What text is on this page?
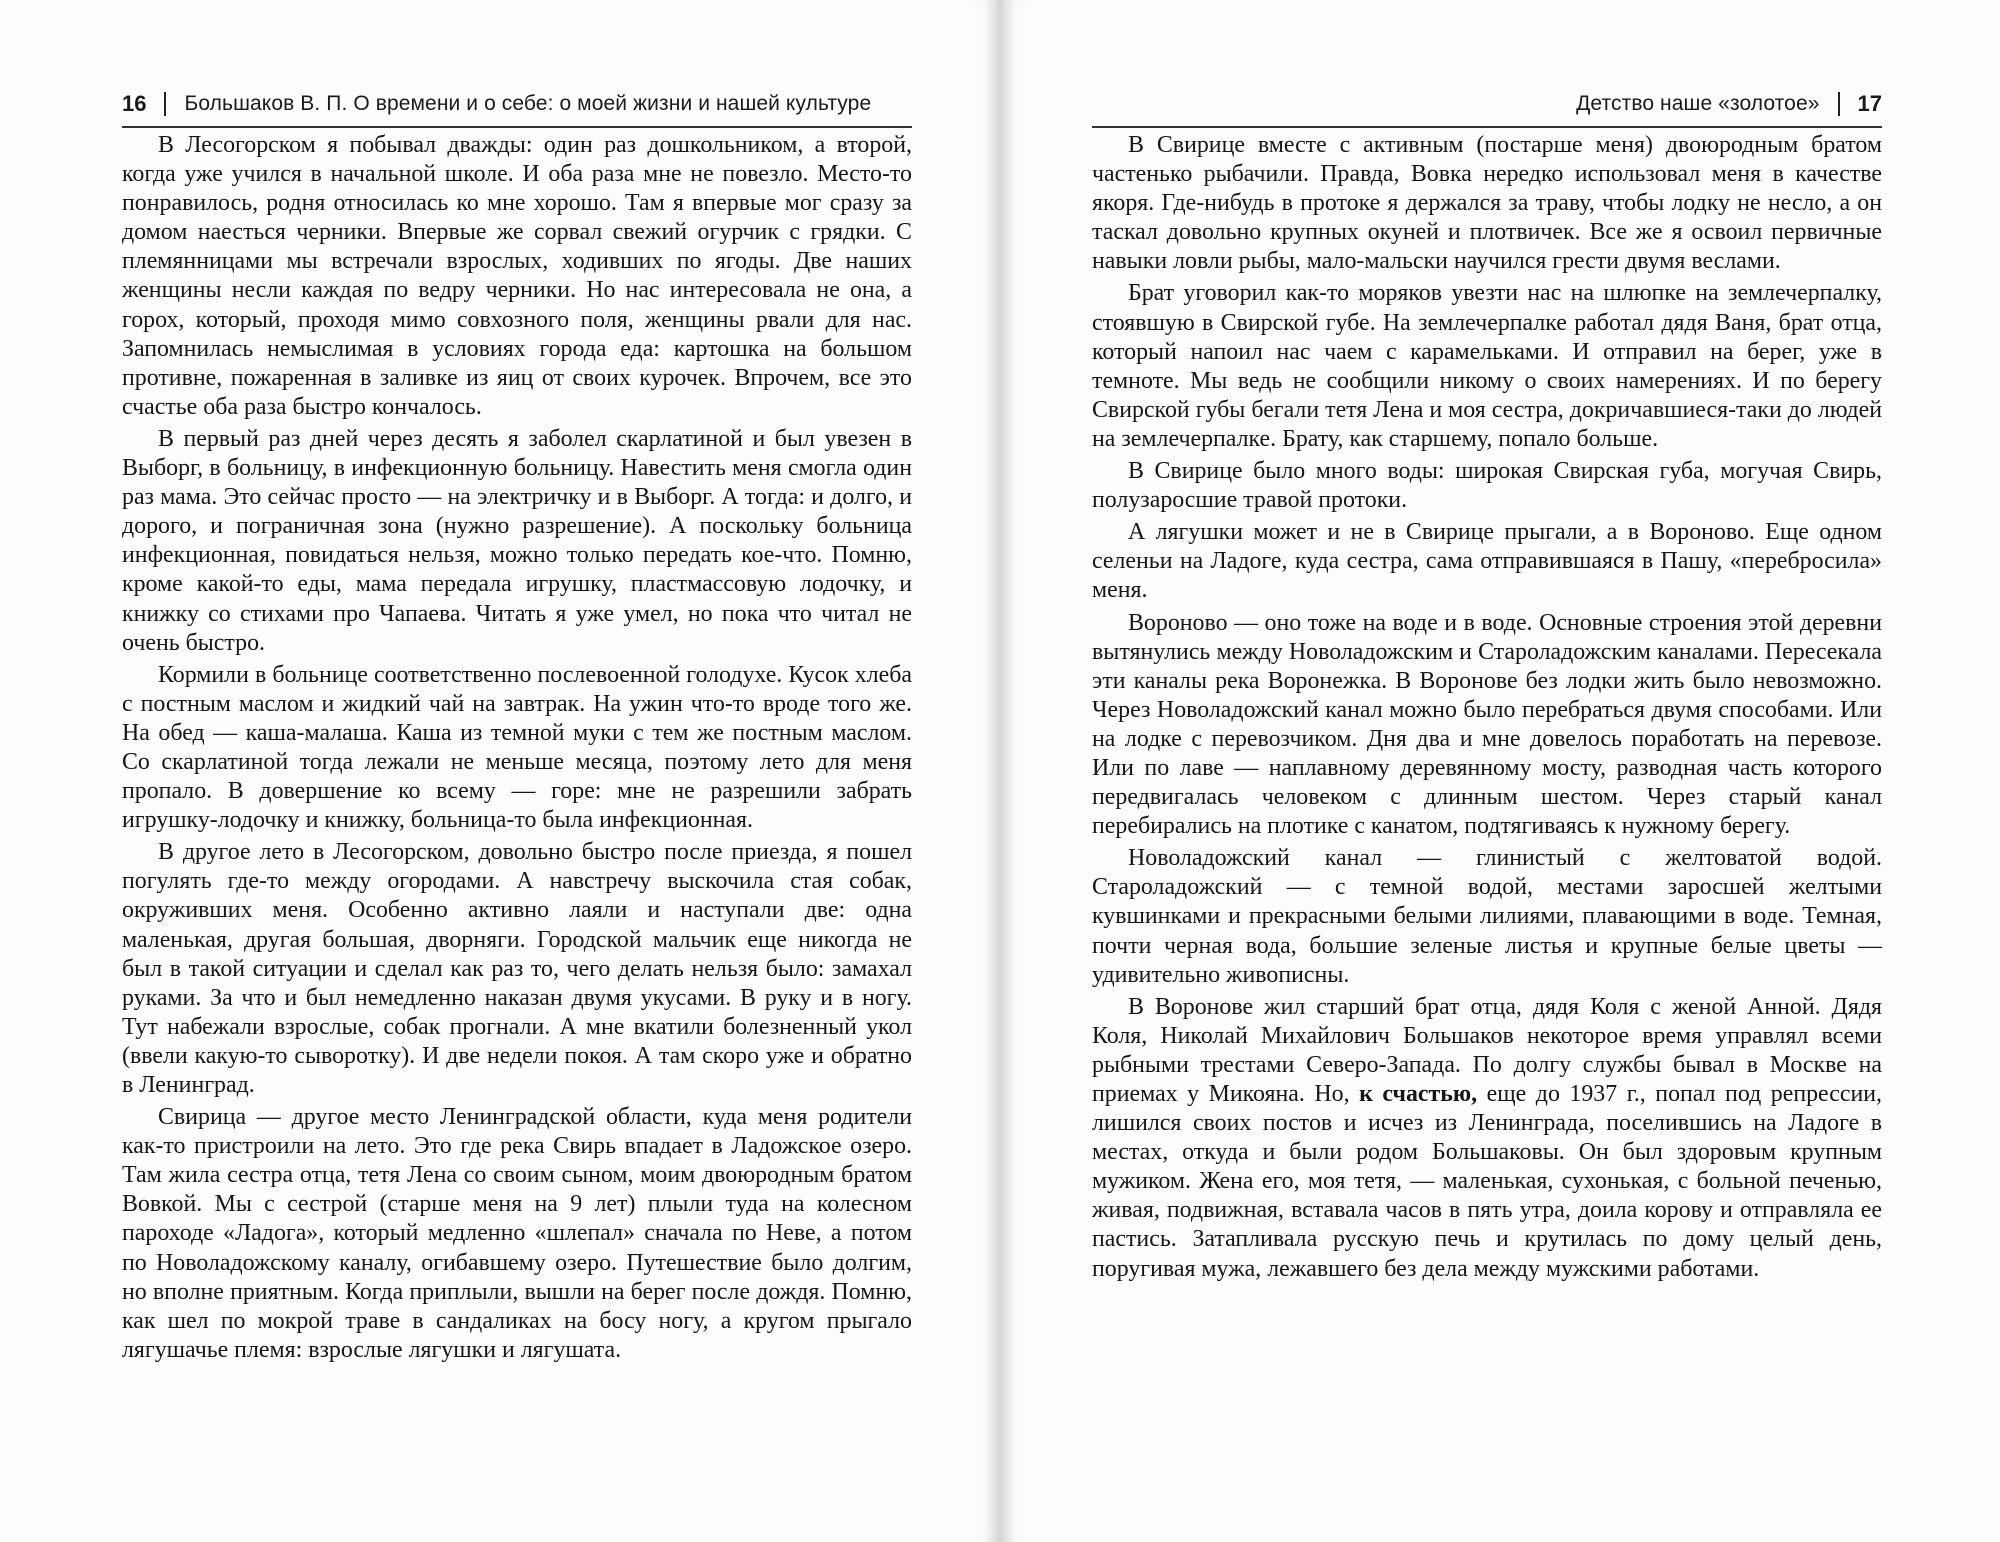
16 Большаков В. П. О времени и о себе: о моей жизни и нашей культуре

В Лесогорском я побывал дважды: один раз дошкольником, а второй, когда уже учился в начальной школе. И оба раза мне не повезло. Место-то понравилось, родня относилась ко мне хорошо. Там я впервые мог сразу за домом наесться черники. Впервые же сорвал свежий огурчик с грядки. С племянницами мы встречали взрослых, ходивших по ягоды. Две наших женщины несли каждая по ведру черники. Но нас интересовала не она, а горох, который, проходя мимо совхозного поля, женщины рвали для нас. Запомнилась немыслимая в условиях города еда: картошка на большом противне, пожаренная в заливке из яиц от своих курочек. Впрочем, все это счастье оба раза быстро кончалось.

В первый раз дней через десять я заболел скарлатиной и был увезен в Выборг, в больницу, в инфекционную больницу. Навестить меня смогла один раз мама. Это сейчас просто — на электричку и в Выборг. А тогда: и долго, и дорого, и пограничная зона (нужно разрешение). А поскольку больница инфекционная, повидаться нельзя, можно только передать кое-что. Помню, кроме какой-то еды, мама передала игрушку, пластмассовую лодочку, и книжку со стихами про Чапаева. Читать я уже умел, но пока что читал не очень быстро.

Кормили в больнице соответственно послевоенной голодухе. Кусок хлеба с постным маслом и жидкий чай на завтрак. На ужин что-то вроде того же. На обед — каша-малаша. Каша из темной муки с тем же постным маслом. Со скарлатиной тогда лежали не меньше месяца, поэтому лето для меня пропало. В довершение ко всему — горе: мне не разрешили забрать игрушку-лодочку и книжку, больница-то была инфекционная.

В другое лето в Лесогорском, довольно быстро после приезда, я пошел погулять где-то между огородами. А навстречу выскочила стая собак, окруживших меня. Особенно активно лаяли и наступали две: одна маленькая, другая большая, дворняги. Городской мальчик еще никогда не был в такой ситуации и сделал как раз то, чего делать нельзя было: замахал руками. За что и был немедленно наказан двумя укусами. В руку и в ногу. Тут набежали взрослые, собак прогнали. А мне вкатили болезненный укол (ввели какую-то сыворотку). И две недели покоя. А там скоро уже и обратно в Ленинград.

Свирица — другое место Ленинградской области, куда меня родители как-то пристроили на лето. Это где река Свирь впадает в Ладожское озеро. Там жила сестра отца, тетя Лена со своим сыном, моим двоюродным братом Вовкой. Мы с сестрой (старше меня на 9 лет) плыли туда на колесном пароходе «Ладога», который медленно «шлепал» сначала по Неве, а потом по Новоладожскому каналу, огибавшему озеро. Путешествие было долгим, но вполне приятным. Когда приплыли, вышли на берег после дождя. Помню, как шел по мокрой траве в сандаликах на босу ногу, а кругом прыгало лягушачье племя: взрослые лягушки и лягушата.

Детство наше «золотое» 17

В Свирице вместе с активным (постарше меня) двоюродным братом частенько рыбачили. Правда, Вовка нередко использовал меня в качестве якоря. Где-нибудь в протоке я держался за траву, чтобы лодку не несло, а он таскал довольно крупных окуней и плотвичек. Все же я освоил первичные навыки ловли рыбы, мало-мальски научился грести двумя веслами.

Брат уговорил как-то моряков увезти нас на шлюпке на землечерпалку, стоявшую в Свирской губе. На землечерпалке работал дядя Ваня, брат отца, который напоил нас чаем с карамельками. И отправил на берег, уже в темноте. Мы ведь не сообщили никому о своих намерениях. И по берегу Свирской губы бегали тетя Лена и моя сестра, докричавшиеся-таки до людей на землечерпалке. Брату, как старшему, попало больше.

В Свирице было много воды: широкая Свирская губа, могучая Свирь, полузаросшие травой протоки.

А лягушки может и не в Свирице прыгали, а в Вороново. Еще одном селеньи на Ладоге, куда сестра, сама отправившаяся в Пашу, «перебросила» меня.

Вороново — оно тоже на воде и в воде. Основные строения этой деревни вытянулись между Новоладожским и Староладожским каналами. Пересекала эти каналы река Воронежка. В Воронове без лодки жить было невозможно. Через Новоладожский канал можно было перебраться двумя способами. Или на лодке с перевозчиком. Дня два и мне довелось поработать на перевозе. Или по лаве — наплавному деревянному мосту, разводная часть которого передвигалась человеком с длинным шестом. Через старый канал перебирались на плотике с канатом, подтягиваясь к нужному берегу.

Новоладожский канал — глинистый с желтоватой водой. Староладожский — с темной водой, местами заросшей желтыми кувшинками и прекрасными белыми лилиями, плавающими в воде. Темная, почти черная вода, большие зеленые листья и крупные белые цветы — удивительно живописны.

В Воронове жил старший брат отца, дядя Коля с женой Анной. Дядя Коля, Николай Михайлович Большаков некоторое время управлял всеми рыбными трестами Северо-Запада. По долгу службы бывал в Москве на приемах у Микояна. Но, к счастью, еще до 1937 г., попал под репрессии, лишился своих постов и исчез из Ленинграда, поселившись на Ладоге в местах, откуда и были родом Большаковы. Он был здоровым крупным мужиком. Жена его, моя тетя, — маленькая, сухонькая, с больной печенью, живая, подвижная, вставала часов в пять утра, доила корову и отправляла ее пастись. Затапливала русскую печь и крутилась по дому целый день, поругивая мужа, лежавшего без дела между мужскими работами.
